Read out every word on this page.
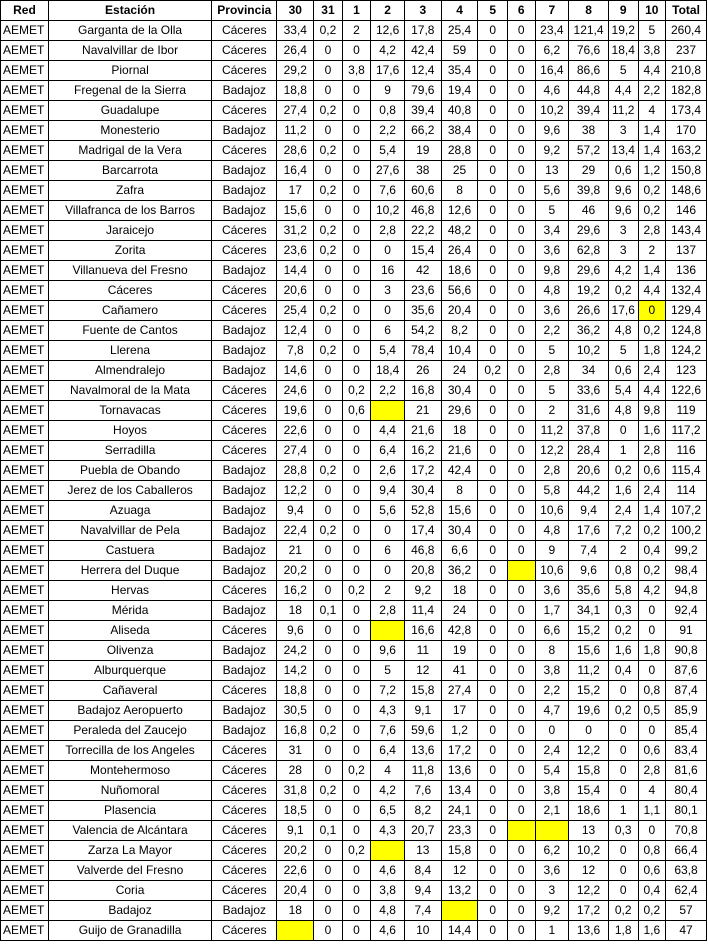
Red	Estación	Provincia	30	31	1	2	3	4	5	6	7	8	9	10	Total
AEMET	Garganta de la Olla	Cáceres	33,4	0,2	2	12,6	17,8	25,4	0	0	23,4	121,4	19,2	5	260,4
AEMET	Navalvillar de Ibor	Cáceres	26,4	0	0	4,2	42,4	59	0	0	6,2	76,6	18,4	3,8	237
AEMET	Piornal	Cáceres	29,2	0	3,8	17,6	12,4	35,4	0	0	16,4	86,6	5	4,4	210,8
AEMET	Fregenal de la Sierra	Badajoz	18,8	0	0	9	79,6	19,4	0	0	4,6	44,8	4,4	2,2	182,8
AEMET	Guadalupe	Cáceres	27,4	0,2	0	0,8	39,4	40,8	0	0	10,2	39,4	11,2	4	173,4
AEMET	Monesterio	Badajoz	11,2	0	0	2,2	66,2	38,4	0	0	9,6	38	3	1,4	170
AEMET	Madrigal de la Vera	Cáceres	28,6	0,2	0	5,4	19	28,8	0	0	9,2	57,2	13,4	1,4	163,2
AEMET	Barcarrota	Badajoz	16,4	0	0	27,6	38	25	0	0	13	29	0,6	1,2	150,8
AEMET	Zafra	Badajoz	17	0,2	0	7,6	60,6	8	0	0	5,6	39,8	9,6	0,2	148,6
AEMET	Villafranca de los Barros	Badajoz	15,6	0	0	10,2	46,8	12,6	0	0	5	46	9,6	0,2	146
AEMET	Jaraicejo	Cáceres	31,2	0,2	0	2,8	22,2	48,2	0	0	3,4	29,6	3	2,8	143,4
AEMET	Zorita	Cáceres	23,6	0,2	0	0	15,4	26,4	0	0	3,6	62,8	3	2	137
AEMET	Villanueva del Fresno	Badajoz	14,4	0	0	16	42	18,6	0	0	9,8	29,6	4,2	1,4	136
AEMET	Cáceres	Cáceres	20,6	0	0	3	23,6	56,6	0	0	4,8	19,2	0,2	4,4	132,4
AEMET	Cañamero	Cáceres	25,4	0,2	0	0	35,6	20,4	0	0	3,6	26,6	17,6	0	129,4
AEMET	Fuente de Cantos	Badajoz	12,4	0	0	6	54,2	8,2	0	0	2,2	36,2	4,8	0,2	124,8
AEMET	Llerena	Badajoz	7,8	0,2	0	5,4	78,4	10,4	0	0	5	10,2	5	1,8	124,2
AEMET	Almendralejo	Badajoz	14,6	0	0	18,4	26	24	0,2	0	2,8	34	0,6	2,4	123
AEMET	Navalmoral de la Mata	Cáceres	24,6	0	0,2	2,2	16,8	30,4	0	0	5	33,6	5,4	4,4	122,6
AEMET	Tornavacas	Cáceres	19,6	0	0,6		21	29,6	0	0	2	31,6	4,8	9,8	119
AEMET	Hoyos	Cáceres	22,6	0	0	4,4	21,6	18	0	0	11,2	37,8	0	1,6	117,2
AEMET	Serradilla	Cáceres	27,4	0	0	6,4	16,2	21,6	0	0	12,2	28,4	1	2,8	116
AEMET	Puebla de Obando	Badajoz	28,8	0,2	0	2,6	17,2	42,4	0	0	2,8	20,6	0,2	0,6	115,4
AEMET	Jerez de los Caballeros	Badajoz	12,2	0	0	9,4	30,4	8	0	0	5,8	44,2	1,6	2,4	114
AEMET	Azuaga	Badajoz	9,4	0	0	5,6	52,8	15,6	0	0	10,6	9,4	2,4	1,4	107,2
AEMET	Navalvillar de Pela	Badajoz	22,4	0,2	0	0	17,4	30,4	0	0	4,8	17,6	7,2	0,2	100,2
AEMET	Castuera	Badajoz	21	0	0	6	46,8	6,6	0	0	9	7,4	2	0,4	99,2
AEMET	Herrera del Duque	Badajoz	20,2	0	0	0	20,8	36,2	0		10,6	9,6	0,8	0,2	98,4
AEMET	Hervas	Cáceres	16,2	0	0,2	2	9,2	18	0	0	3,6	35,6	5,8	4,2	94,8
AEMET	Mérida	Badajoz	18	0,1	0	2,8	11,4	24	0	0	1,7	34,1	0,3	0	92,4
AEMET	Aliseda	Cáceres	9,6	0	0		16,6	42,8	0	0	6,6	15,2	0,2	0	91
AEMET	Olivenza	Badajoz	24,2	0	0	9,6	11	19	0	0	8	15,6	1,6	1,8	90,8
AEMET	Alburquerque	Badajoz	14,2	0	0	5	12	41	0	0	3,8	11,2	0,4	0	87,6
AEMET	Cañaveral	Cáceres	18,8	0	0	7,2	15,8	27,4	0	0	2,2	15,2	0	0,8	87,4
AEMET	Badajoz Aeropuerto	Badajoz	30,5	0	0	4,3	9,1	17	0	0	4,7	19,6	0,2	0,5	85,9
AEMET	Peraleda del Zaucejo	Badajoz	16,8	0,2	0	7,6	59,6	1,2	0	0	0	0	0	0	85,4
AEMET	Torrecilla de los Angeles	Cáceres	31	0	0	6,4	13,6	17,2	0	0	2,4	12,2	0	0,6	83,4
AEMET	Montehermoso	Cáceres	28	0	0,2	4	11,8	13,6	0	0	5,4	15,8	0	2,8	81,6
AEMET	Nuñomoral	Cáceres	31,8	0,2	0	4,2	7,6	13,4	0	0	3,8	15,4	0	4	80,4
AEMET	Plasencia	Cáceres	18,5	0	0	6,5	8,2	24,1	0	0	2,1	18,6	1	1,1	80,1
AEMET	Valencia de Alcántara	Cáceres	9,1	0,1	0	4,3	20,7	23,3	0			13	0,3	0	70,8
AEMET	Zarza La Mayor	Cáceres	20,2	0	0,2		13	15,8	0	0	6,2	10,2	0	0,8	66,4
AEMET	Valverde del Fresno	Cáceres	22,6	0	0	4,6	8,4	12	0	0	3,6	12	0	0,6	63,8
AEMET	Coria	Cáceres	20,4	0	0	3,8	9,4	13,2	0	0	3	12,2	0	0,4	62,4
AEMET	Badajoz	Badajoz	18	0	0	4,8	7,4		0	0	9,2	17,2	0,2	0,2	57
AEMET	Guijo de Granadilla	Cáceres		0	0	4,6	10	14,4	0	0	1	13,6	1,8	1,6	47
